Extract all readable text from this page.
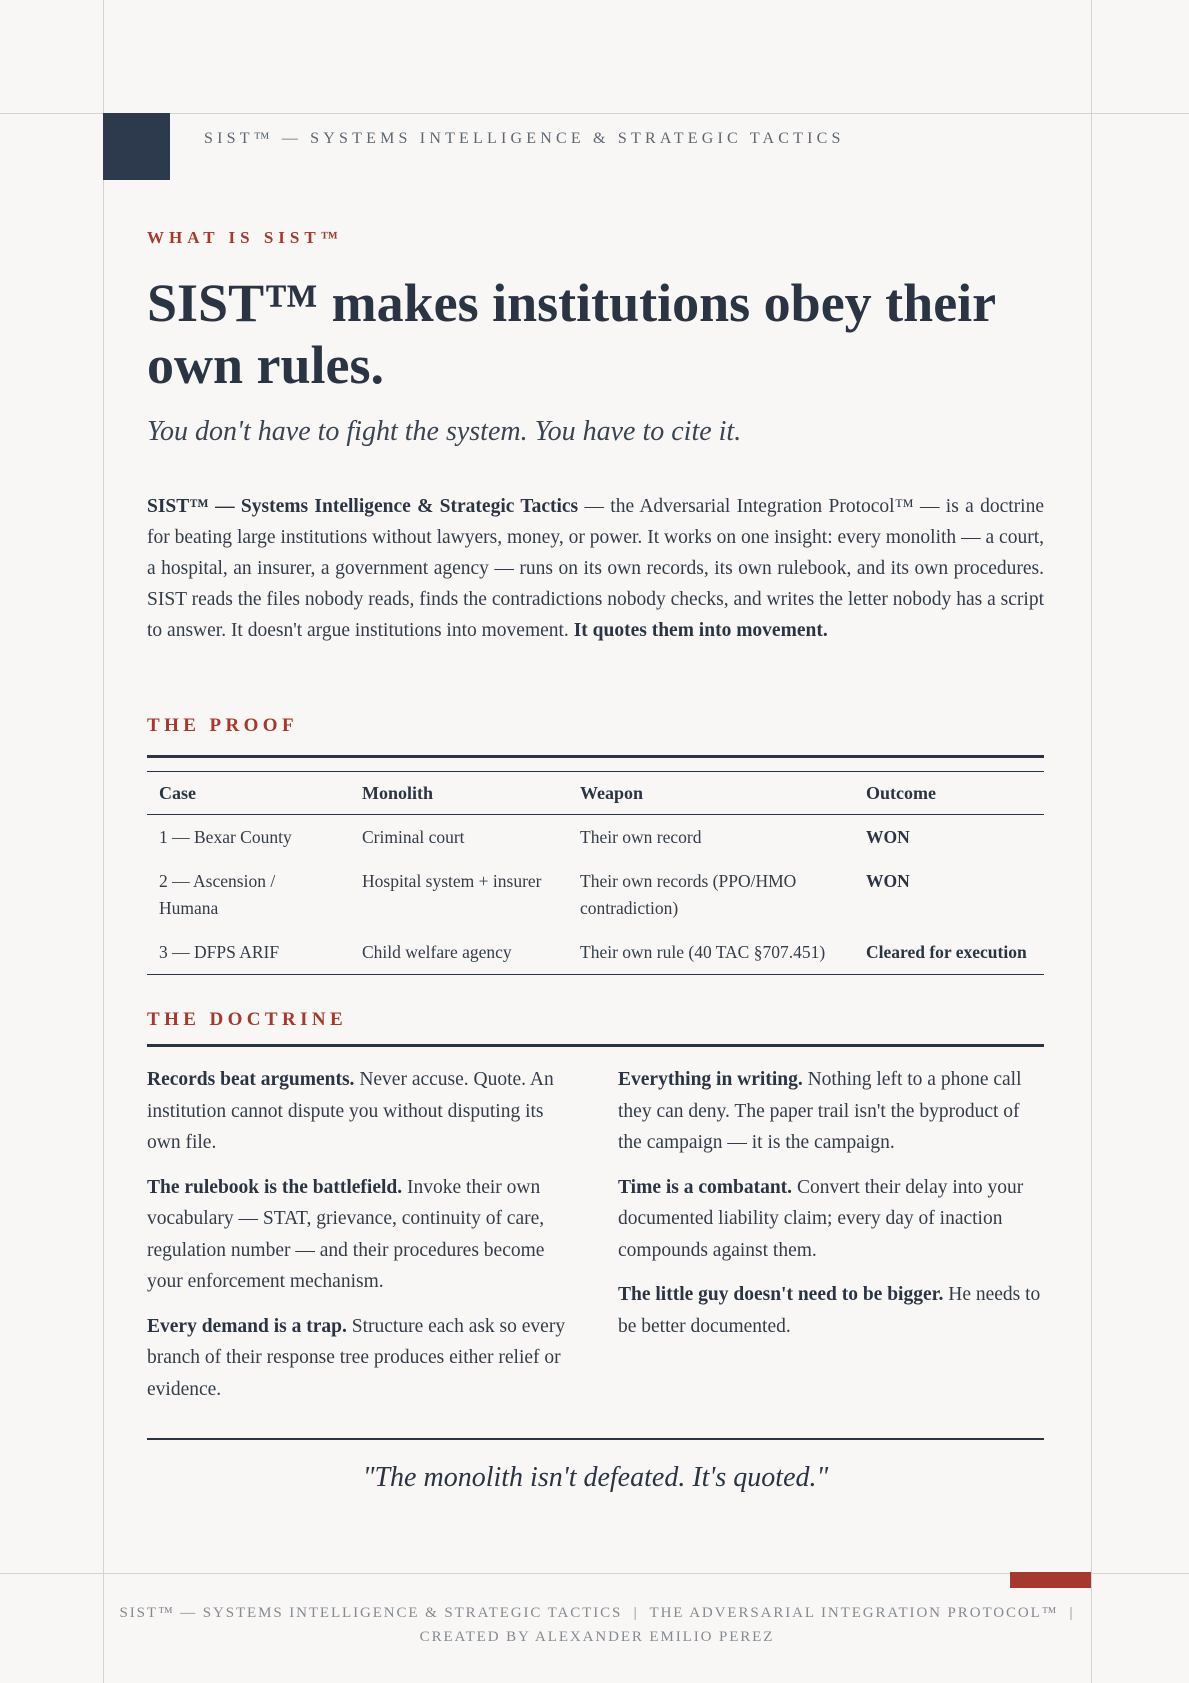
SIST™ — SYSTEMS INTELLIGENCE & STRATEGIC TACTICS
WHAT IS SIST™
SIST™ makes institutions obey their own rules.
You don't have to fight the system. You have to cite it.

SIST™ — Systems Intelligence & Strategic Tactics — the Adversarial Integration Protocol™ — is a doctrine for beating large institutions without lawyers, money, or power. It works on one insight: every monolith — a court, a hospital, an insurer, a government agency — runs on its own records, its own rulebook, and its own procedures. SIST reads the files nobody reads, finds the contradictions nobody checks, and writes the letter nobody has a script to answer. It doesn't argue institutions into movement. It quotes them into movement.

THE PROOF
Case	Monolith	Weapon	Outcome
1 — Bexar County	Criminal court	Their own record	WON
2 — Ascension / Humana	Hospital system + insurer	Their own records (PPO/HMO contradiction)	WON
3 — DFPS ARIF	Child welfare agency	Their own rule (40 TAC §707.451)	Cleared for execution
THE DOCTRINE

Records beat arguments. Never accuse. Quote. An institution cannot dispute you without disputing its own file.

The rulebook is the battlefield. Invoke their own vocabulary — STAT, grievance, continuity of care, regulation number — and their procedures become your enforcement mechanism.

Every demand is a trap. Structure each ask so every branch of their response tree produces either relief or evidence.

Everything in writing. Nothing left to a phone call they can deny. The paper trail isn't the byproduct of the campaign — it is the campaign.

Time is a combatant. Convert their delay into your documented liability claim; every day of inaction compounds against them.

The little guy doesn't need to be bigger. He needs to be better documented.

"The monolith isn't defeated. It's quoted."
SIST™ — SYSTEMS INTELLIGENCE & STRATEGIC TACTICS  |  THE ADVERSARIAL INTEGRATION PROTOCOL™  |
CREATED BY ALEXANDER EMILIO PEREZ
